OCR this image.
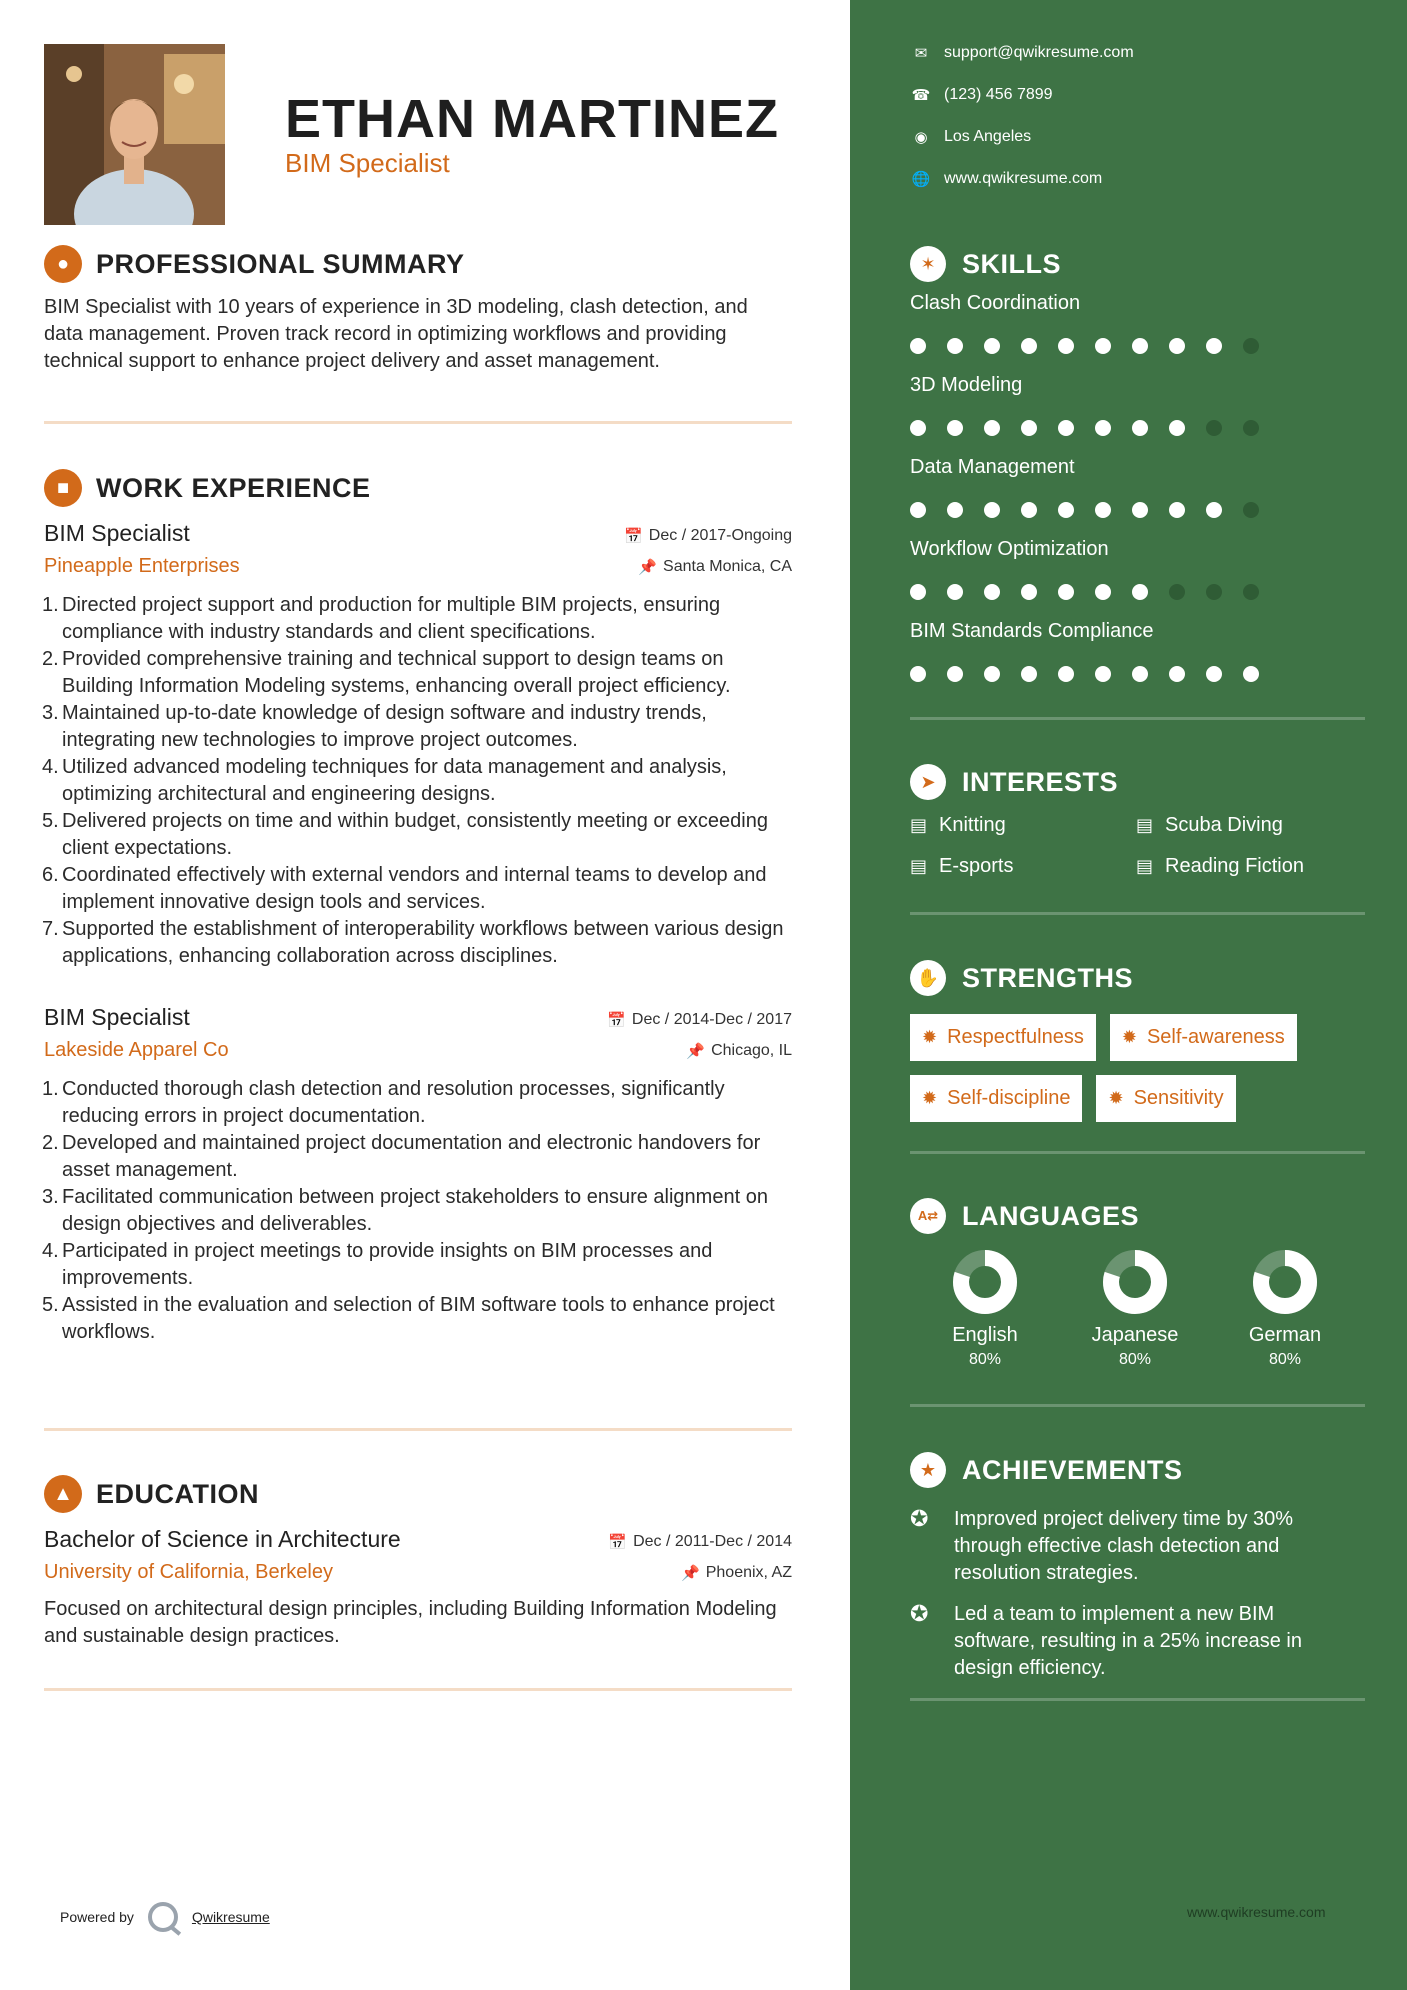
ETHAN MARTINEZ
BIM Specialist
● PROFESSIONAL SUMMARY
BIM Specialist with 10 years of experience in 3D modeling, clash detection, and data management. Proven track record in optimizing workflows and providing technical support to enhance project delivery and asset management.
■ WORK EXPERIENCE
BIM Specialist	📅 Dec / 2017-Ongoing
Pineapple Enterprises	📌 Santa Monica, CA
1. Directed project support and production for multiple BIM projects, ensuring compliance with industry standards and client specifications.
2. Provided comprehensive training and technical support to design teams on Building Information Modeling systems, enhancing overall project efficiency.
3. Maintained up-to-date knowledge of design software and industry trends, integrating new technologies to improve project outcomes.
4. Utilized advanced modeling techniques for data management and analysis, optimizing architectural and engineering designs.
5. Delivered projects on time and within budget, consistently meeting or exceeding client expectations.
6. Coordinated effectively with external vendors and internal teams to develop and implement innovative design tools and services.
7. Supported the establishment of interoperability workflows between various design applications, enhancing collaboration across disciplines.
BIM Specialist	📅 Dec / 2014-Dec / 2017
Lakeside Apparel Co	📌 Chicago, IL
1. Conducted thorough clash detection and resolution processes, significantly reducing errors in project documentation.
2. Developed and maintained project documentation and electronic handovers for asset management.
3. Facilitated communication between project stakeholders to ensure alignment on design objectives and deliverables.
4. Participated in project meetings to provide insights on BIM processes and improvements.
5. Assisted in the evaluation and selection of BIM software tools to enhance project workflows.
▲ EDUCATION
Bachelor of Science in Architecture	📅 Dec / 2011-Dec / 2014
University of California, Berkeley	📌 Phoenix, AZ
Focused on architectural design principles, including Building Information Modeling and sustainable design practices.
Powered by	Qwikresume
✉ support@qwikresume.com
☎ (123) 456 7899
◉ Los Angeles
🌐 www.qwikresume.com
✶ SKILLS
Clash Coordination
3D Modeling
Data Management
Workflow Optimization
BIM Standards Compliance
➤ INTERESTS
▤ Knitting	▤ Scuba Diving
▤ E-sports	▤ Reading Fiction
✋ STRENGTHS
✹ Respectfulness ✹ Self-awareness
✹ Self-discipline ✹ Sensitivity
A⇄ LANGUAGES
English
80%
Japanese
80%
German
80%
★ ACHIEVEMENTS
✪	Improved project delivery time by 30% through effective clash detection and resolution strategies.
✪	Led a team to implement a new BIM software, resulting in a 25% increase in design efficiency.
www.qwikresume.com
